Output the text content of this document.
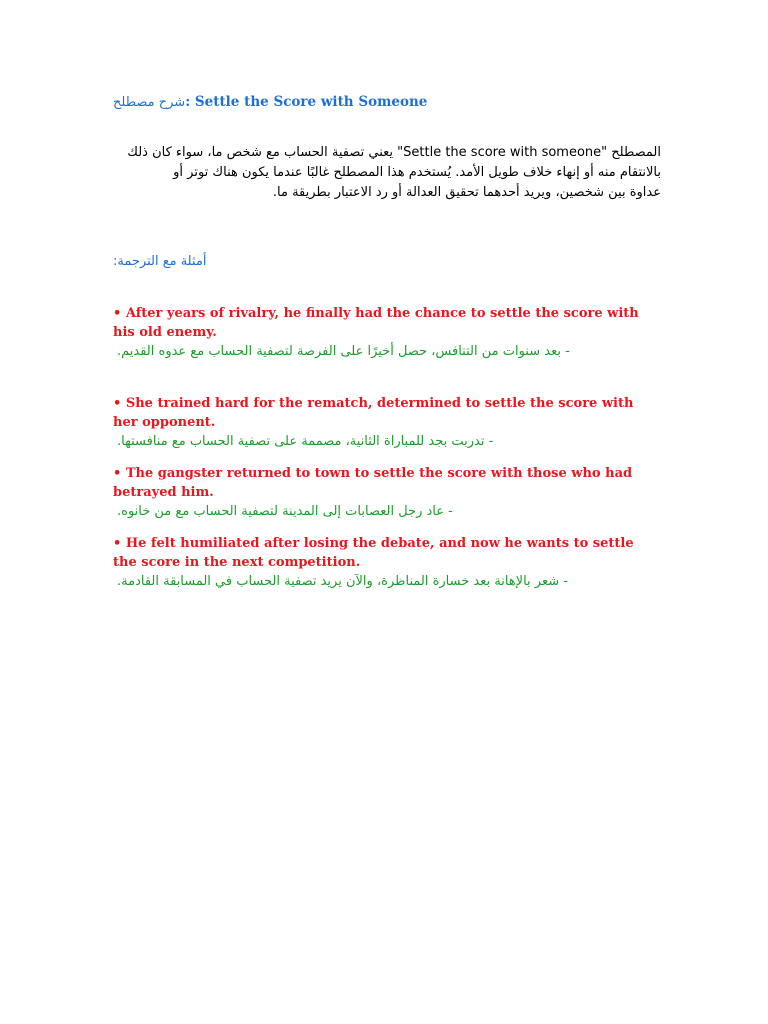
شرح مصطلح: Settle the Score with Someone
المصطلح "Settle the score with someone" يعني تصفية الحساب مع شخص ما، سواء كان ذلك
بالانتقام منه أو إنهاء خلاف طويل الأمد. يُستخدم هذا المصطلح غالبًا عندما يكون هناك توتر أو
عداوة بين شخصين، ويريد أحدهما تحقيق العدالة أو رد الاعتبار بطريقة ما.
أمثلة مع الترجمة:
• After years of rivalry, he finally had the chance to settle the score with his old enemy.
- بعد سنوات من التنافس، حصل أخيرًا على الفرصة لتصفية الحساب مع عدوه القديم.
• She trained hard for the rematch, determined to settle the score with her opponent.
- تدربت بجد للمباراة الثانية، مصممة على تصفية الحساب مع منافستها.
• The gangster returned to town to settle the score with those who had betrayed him.
- عاد رجل العصابات إلى المدينة لتصفية الحساب مع من خانوه.
• He felt humiliated after losing the debate, and now he wants to settle the score in the next competition.
- شعر بالإهانة بعد خسارة المناظرة، والآن يريد تصفية الحساب في المسابقة القادمة.
